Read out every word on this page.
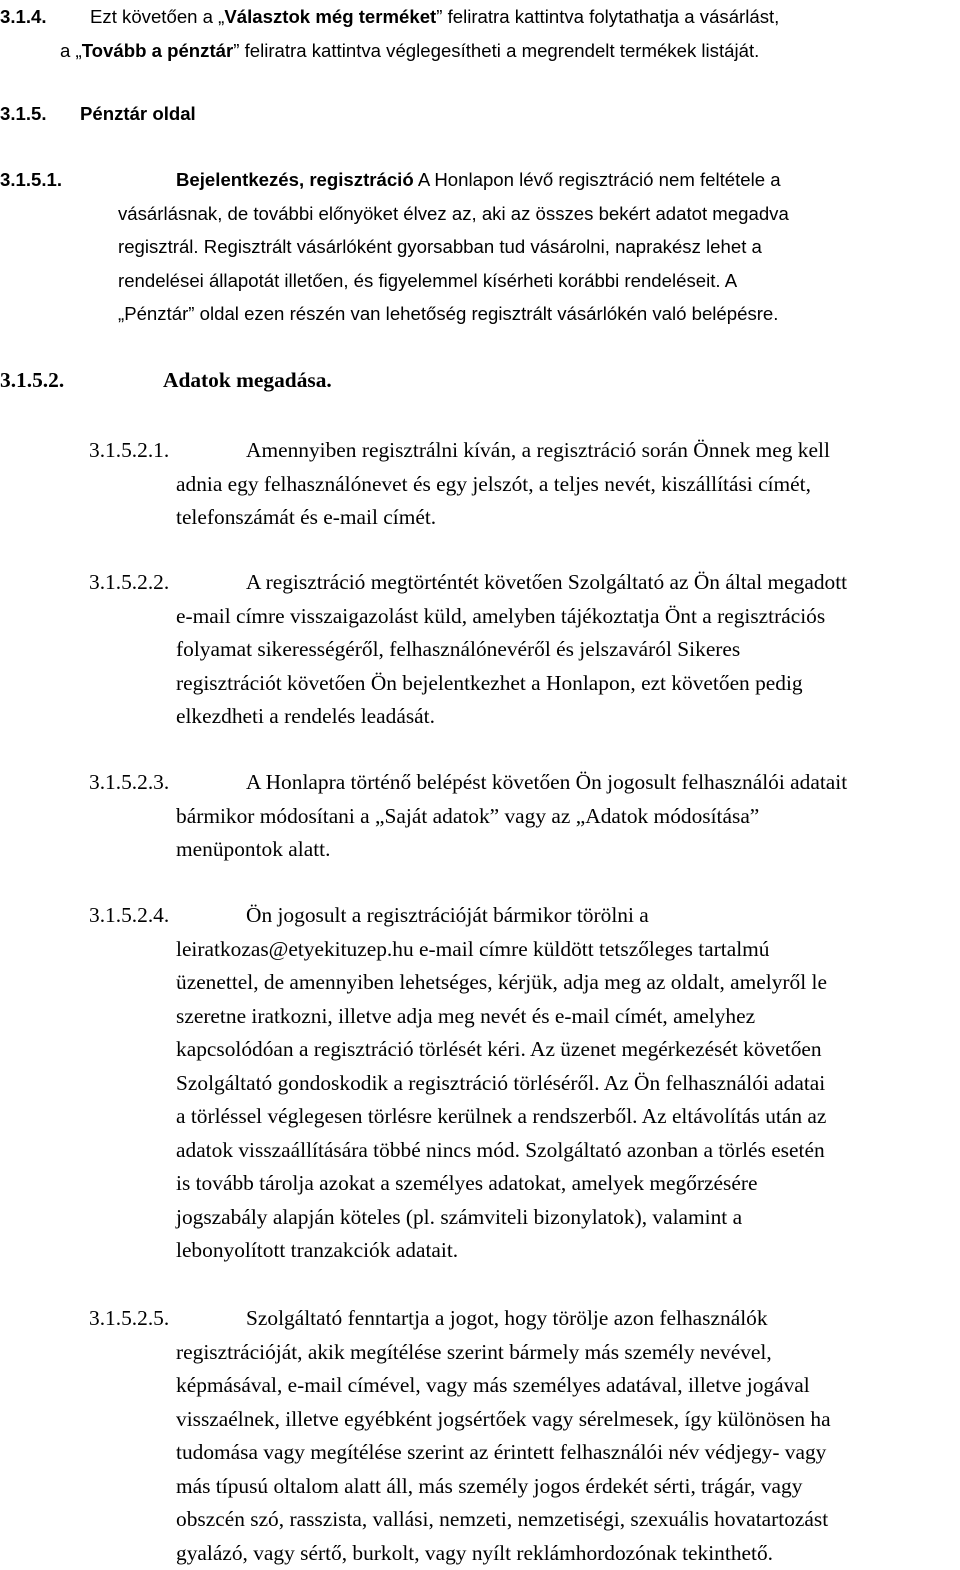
3.1.4. Ezt követően a „Választok még terméket” feliratra kattintva folytathatja a vásárlást,
a „Tovább a pénztár” feliratra kattintva véglegesítheti a megrendelt termékek listáját.
3.1.5. Pénztár oldal
3.1.5.1.	Bejelentkezés, regisztráció A Honlapon lévő regisztráció nem feltétele a
vásárlásnak, de további előnyöket élvez az, aki az összes bekért adatot megadva
regisztrál. Regisztrált vásárlóként gyorsabban tud vásárolni, naprakész lehet a
rendelései állapotát illetően, és figyelemmel kísérheti korábbi rendeléseit. A
„Pénztár” oldal ezen részén van lehetőség regisztrált vásárlókén való belépésre.
3.1.5.2.	Adatok megadása.
3.1.5.2.1.	Amennyiben regisztrálni kíván, a regisztráció során Önnek meg kell
adnia egy felhasználónevet és egy jelszót, a teljes nevét, kiszállítási címét,
telefonszámát és e-mail címét.
3.1.5.2.2.	A regisztráció megtörténtét követően Szolgáltató az Ön által megadott
e-mail címre visszaigazolást küld, amelyben tájékoztatja Önt a regisztrációs
folyamat sikerességéről, felhasználónevéről és jelszaváról Sikeres
regisztrációt követően Ön bejelentkezhet a Honlapon, ezt követően pedig
elkezdheti a rendelés leadását.
3.1.5.2.3.	A Honlapra történő belépést követően Ön jogosult felhasználói adatait
bármikor módosítani a „Saját adatok” vagy az „Adatok módosítása”
menüpontok alatt.
3.1.5.2.4.	Ön jogosult a regisztrációját bármikor törölni a
leiratkozas@etyekituzep.hu e-mail címre küldött tetszőleges tartalmú
üzenettel, de amennyiben lehetséges, kérjük, adja meg az oldalt, amelyről le
szeretne iratkozni, illetve adja meg nevét és e-mail címét, amelyhez
kapcsolódóan a regisztráció törlését kéri. Az üzenet megérkezését követően
Szolgáltató gondoskodik a regisztráció törléséről. Az Ön felhasználói adatai
a törléssel véglegesen törlésre kerülnek a rendszerből. Az eltávolítás után az
adatok visszaállítására többé nincs mód. Szolgáltató azonban a törlés esetén
is tovább tárolja azokat a személyes adatokat, amelyek megőrzésére
jogszabály alapján köteles (pl. számviteli bizonylatok), valamint a
lebonyolított tranzakciók adatait.
3.1.5.2.5.	Szolgáltató fenntartja a jogot, hogy törölje azon felhasználók
regisztrációját, akik megítélése szerint bármely más személy nevével,
képmásával, e-mail címével, vagy más személyes adatával, illetve jogával
visszaélnek, illetve egyébként jogsértőek vagy sérelmesek, így különösen ha
tudomása vagy megítélése szerint az érintett felhasználói név védjegy- vagy
más típusú oltalom alatt áll, más személy jogos érdekét sérti, trágár, vagy
obszcén szó, rasszista, vallási, nemzeti, nemzetiségi, szexuális hovatartozást
gyalázó, vagy sértő, burkolt, vagy nyílt reklámhordozónak tekinthető.
